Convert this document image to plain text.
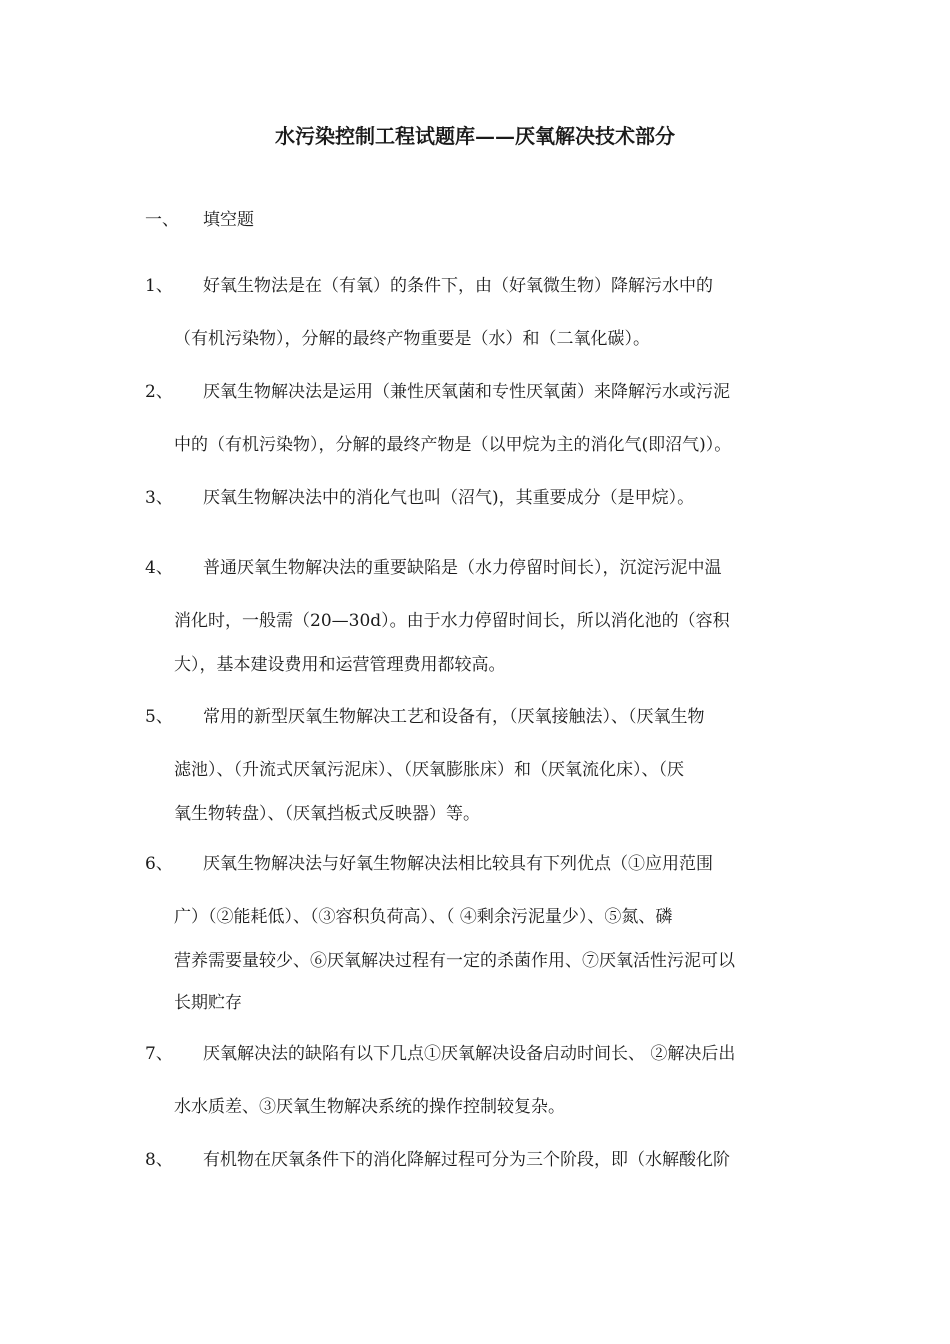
水污染控制工程试题库——厌氧解决技术部分
一、 填空题
1、 好氧生物法是在（有氧）的条件下，由（好氧微生物）降解污水中的
（有机污染物），分解的最终产物重要是（水）和（二氧化碳）。
2、 厌氧生物解决法是运用（兼性厌氧菌和专性厌氧菌）来降解污水或污泥
中的（有机污染物），分解的最终产物是（以甲烷为主的消化气(即沼气)）。
3、 厌氧生物解决法中的消化气也叫（沼气)，其重要成分（是甲烷）。
4、 普通厌氧生物解决法的重要缺陷是（水力停留时间长），沉淀污泥中温
消化时，一般需（20—30d）。由于水力停留时间长，所以消化池的（容积
大），基本建设费用和运营管理费用都较高。
5、 常用的新型厌氧生物解决工艺和设备有，（厌氧接触法）、（厌氧生物
滤池）、（升流式厌氧污泥床）、（厌氧膨胀床）和（厌氧流化床）、（厌
氧生物转盘）、（厌氧挡板式反映器）等。
6、 厌氧生物解决法与好氧生物解决法相比较具有下列优点（①应用范围
广）（②能耗低）、（③容积负荷高）、（ ④剩余污泥量少）、⑤氮、磷
营养需要量较少、⑥厌氧解决过程有一定的杀菌作用、⑦厌氧活性污泥可以
长期贮存
7、 厌氧解决法的缺陷有以下几点①厌氧解决设备启动时间长、 ②解决后出
水水质差、③厌氧生物解决系统的操作控制较复杂。
8、 有机物在厌氧条件下的消化降解过程可分为三个阶段，即（水解酸化阶
